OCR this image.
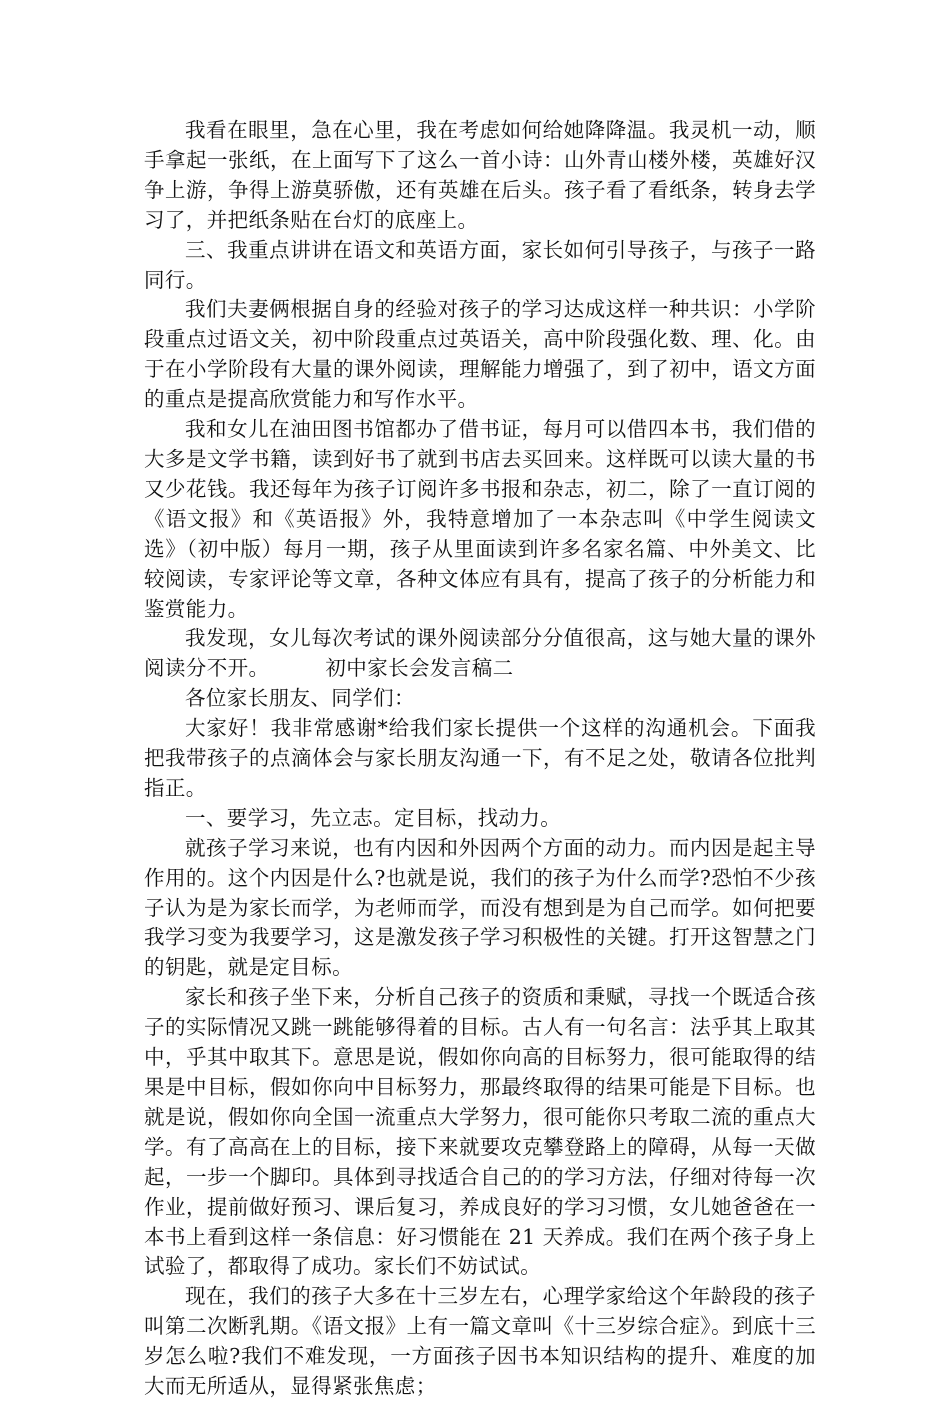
我看在眼里，急在心里，我在考虑如何给她降降温。我灵机一动，顺手拿起一张纸，在上面写下了这么一首小诗：山外青山楼外楼，英雄好汉争上游，争得上游莫骄傲，还有英雄在后头。孩子看了看纸条，转身去学习了，并把纸条贴在台灯的底座上。

三、我重点讲讲在语文和英语方面，家长如何引导孩子，与孩子一路同行。

我们夫妻俩根据自身的经验对孩子的学习达成这样一种共识：小学阶段重点过语文关，初中阶段重点过英语关，高中阶段强化数、理、化。由于在小学阶段有大量的课外阅读，理解能力增强了，到了初中，语文方面的重点是提高欣赏能力和写作水平。

我和女儿在油田图书馆都办了借书证，每月可以借四本书，我们借的大多是文学书籍，读到好书了就到书店去买回来。这样既可以读大量的书又少花钱。我还每年为孩子订阅许多书报和杂志，初二，除了一直订阅的《语文报》和《英语报》外，我特意增加了一本杂志叫《中学生阅读文选》（初中版）每月一期，孩子从里面读到许多名家名篇、中外美文、比较阅读，专家评论等文章，各种文体应有具有，提高了孩子的分析能力和鉴赏能力。

我发现，女儿每次考试的课外阅读部分分值很高，这与她大量的课外阅读分不开。	初中家长会发言稿二

各位家长朋友、同学们：

大家好！我非常感谢*给我们家长提供一个这样的沟通机会。下面我把我带孩子的点滴体会与家长朋友沟通一下，有不足之处，敬请各位批判指正。

一、要学习，先立志。定目标，找动力。

就孩子学习来说，也有内因和外因两个方面的动力。而内因是起主导作用的。这个内因是什么?也就是说，我们的孩子为什么而学?恐怕不少孩子认为是为家长而学，为老师而学，而没有想到是为自己而学。如何把要我学习变为我要学习，这是激发孩子学习积极性的关键。打开这智慧之门的钥匙，就是定目标。

家长和孩子坐下来，分析自己孩子的资质和秉赋，寻找一个既适合孩子的实际情况又跳一跳能够得着的目标。古人有一句名言：法乎其上取其中，乎其中取其下。意思是说，假如你向高的目标努力，很可能取得的结果是中目标，假如你向中目标努力，那最终取得的结果可能是下目标。也就是说，假如你向全国一流重点大学努力，很可能你只考取二流的重点大学。有了高高在上的目标，接下来就要攻克攀登路上的障碍，从每一天做起，一步一个脚印。具体到寻找适合自己的的学习方法，仔细对待每一次作业，提前做好预习、课后复习，养成良好的学习习惯，女儿她爸爸在一本书上看到这样一条信息：好习惯能在 21 天养成。我们在两个孩子身上试验了，都取得了成功。家长们不妨试试。

现在，我们的孩子大多在十三岁左右，心理学家给这个年龄段的孩子叫第二次断乳期。《语文报》上有一篇文章叫《十三岁综合症》。到底十三岁怎么啦?我们不难发现，一方面孩子因书本知识结构的提升、难度的加大而无所适从，显得紧张焦虑；
